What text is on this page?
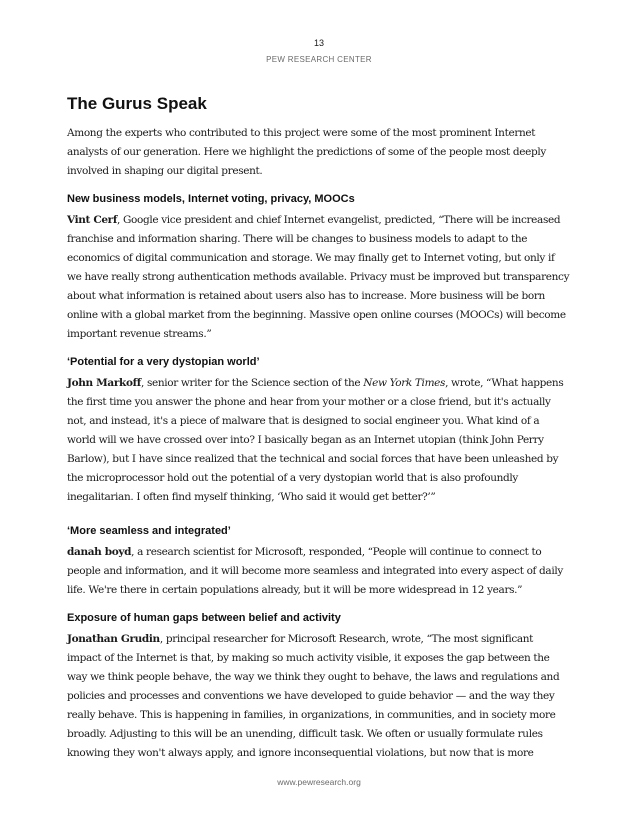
13
PEW RESEARCH CENTER
The Gurus Speak

Among the experts who contributed to this project were some of the most prominent Internet analysts of our generation. Here we highlight the predictions of some of the people most deeply involved in shaping our digital present.

New business models, Internet voting, privacy, MOOCs

Vint Cerf, Google vice president and chief Internet evangelist, predicted, “There will be increased franchise and information sharing. There will be changes to business models to adapt to the economics of digital communication and storage. We may finally get to Internet voting, but only if we have really strong authentication methods available. Privacy must be improved but transparency about what information is retained about users also has to increase. More business will be born online with a global market from the beginning. Massive open online courses (MOOCs) will become important revenue streams.”

‘Potential for a very dystopian world’

John Markoff, senior writer for the Science section of the New York Times, wrote, “What happens the first time you answer the phone and hear from your mother or a close friend, but it's actually not, and instead, it's a piece of malware that is designed to social engineer you. What kind of a world will we have crossed over into? I basically began as an Internet utopian (think John Perry Barlow), but I have since realized that the technical and social forces that have been unleashed by the microprocessor hold out the potential of a very dystopian world that is also profoundly inegalitarian. I often find myself thinking, ‘Who said it would get better?’”

‘More seamless and integrated’

danah boyd, a research scientist for Microsoft, responded, “People will continue to connect to people and information, and it will become more seamless and integrated into every aspect of daily life. We're there in certain populations already, but it will be more widespread in 12 years.”

Exposure of human gaps between belief and activity

Jonathan Grudin, principal researcher for Microsoft Research, wrote, “The most significant impact of the Internet is that, by making so much activity visible, it exposes the gap between the way we think people behave, the way we think they ought to behave, the laws and regulations and policies and processes and conventions we have developed to guide behavior — and the way they really behave. This is happening in families, in organizations, in communities, and in society more broadly. Adjusting to this will be an unending, difficult task. We often or usually formulate rules knowing they won't always apply, and ignore inconsequential violations, but now that is more

www.pewresearch.org
